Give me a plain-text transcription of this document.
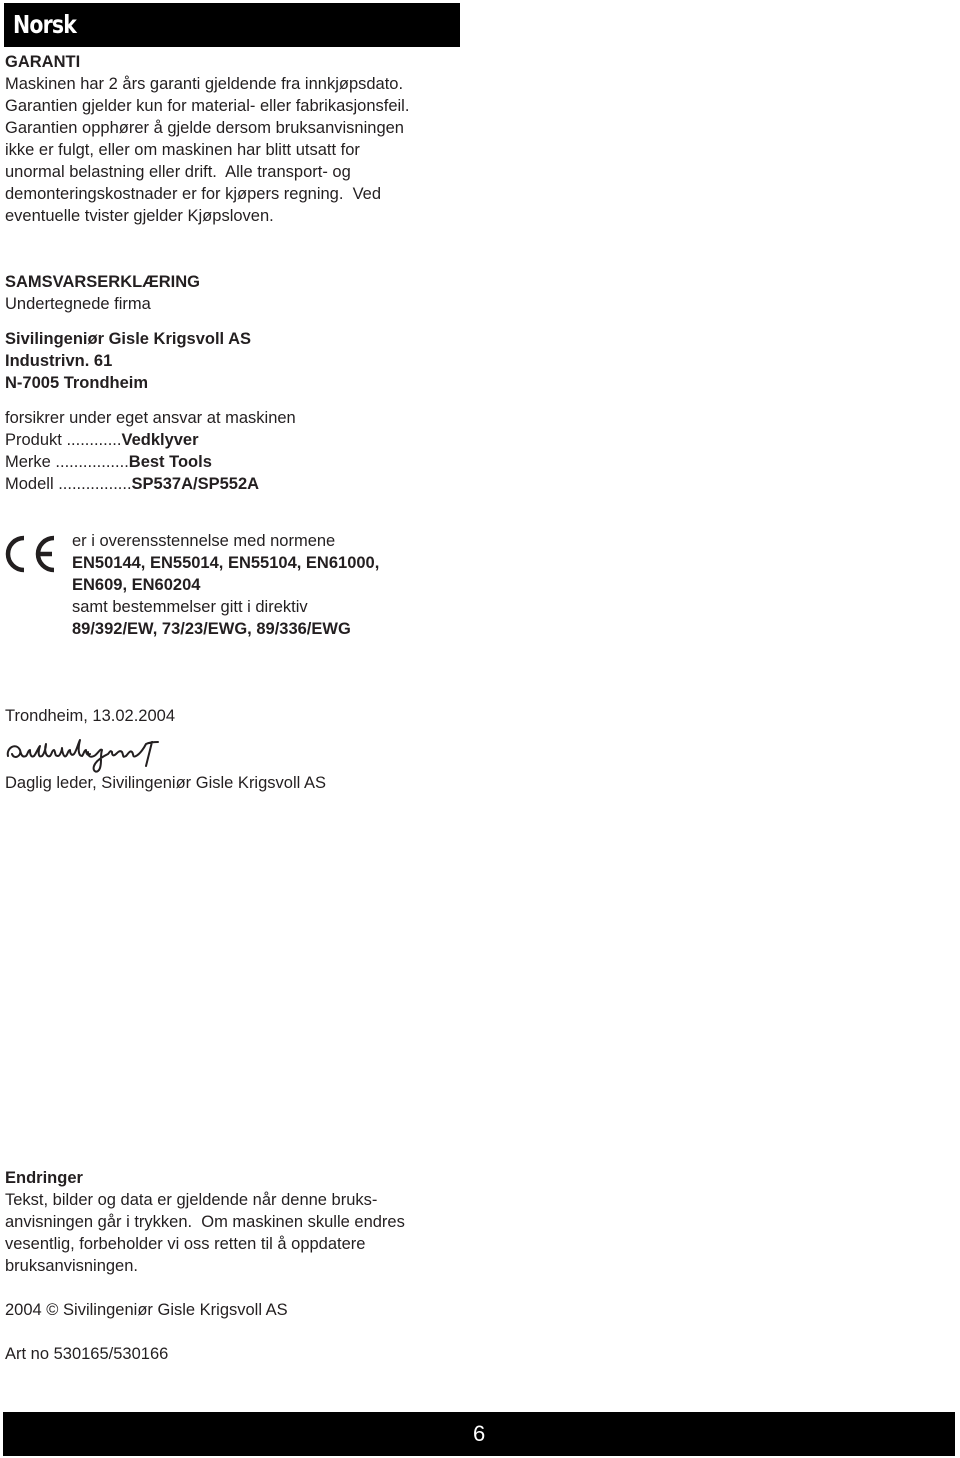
Norsk
GARANTI
Maskinen har 2 års garanti gjeldende fra innkjøpsdato.
Garantien gjelder kun for material- eller fabrikasjonsfeil.
Garantien opphører å gjelde dersom bruksanvisningen
ikke er fulgt, eller om maskinen har blitt utsatt for
unormal belastning eller drift.  Alle transport- og
demonteringskostnader er for kjøpers regning.  Ved
eventuelle tvister gjelder Kjøpsloven.
SAMSVARSERKLÆRING
Undertegnede firma
Sivilingeniør Gisle Krigsvoll AS
Industrivn. 61
N-7005 Trondheim
forsikrer under eget ansvar at maskinen
Produkt ............Vedklyver
Merke ................Best Tools
Modell ................SP537A/SP552A
er i overensstennelse med normene
EN50144, EN55014, EN55104, EN61000,
EN609, EN60204
samt bestemmelser gitt i direktiv
89/392/EW, 73/23/EWG, 89/336/EWG
Trondheim, 13.02.2004
Daglig leder, Sivilingeniør Gisle Krigsvoll AS
Endringer
Tekst, bilder og data er gjeldende når denne bruks-
anvisningen går i trykken.  Om maskinen skulle endres
vesentlig, forbeholder vi oss retten til å oppdatere
bruksanvisningen.
2004 © Sivilingeniør Gisle Krigsvoll AS
Art no 530165/530166
6
